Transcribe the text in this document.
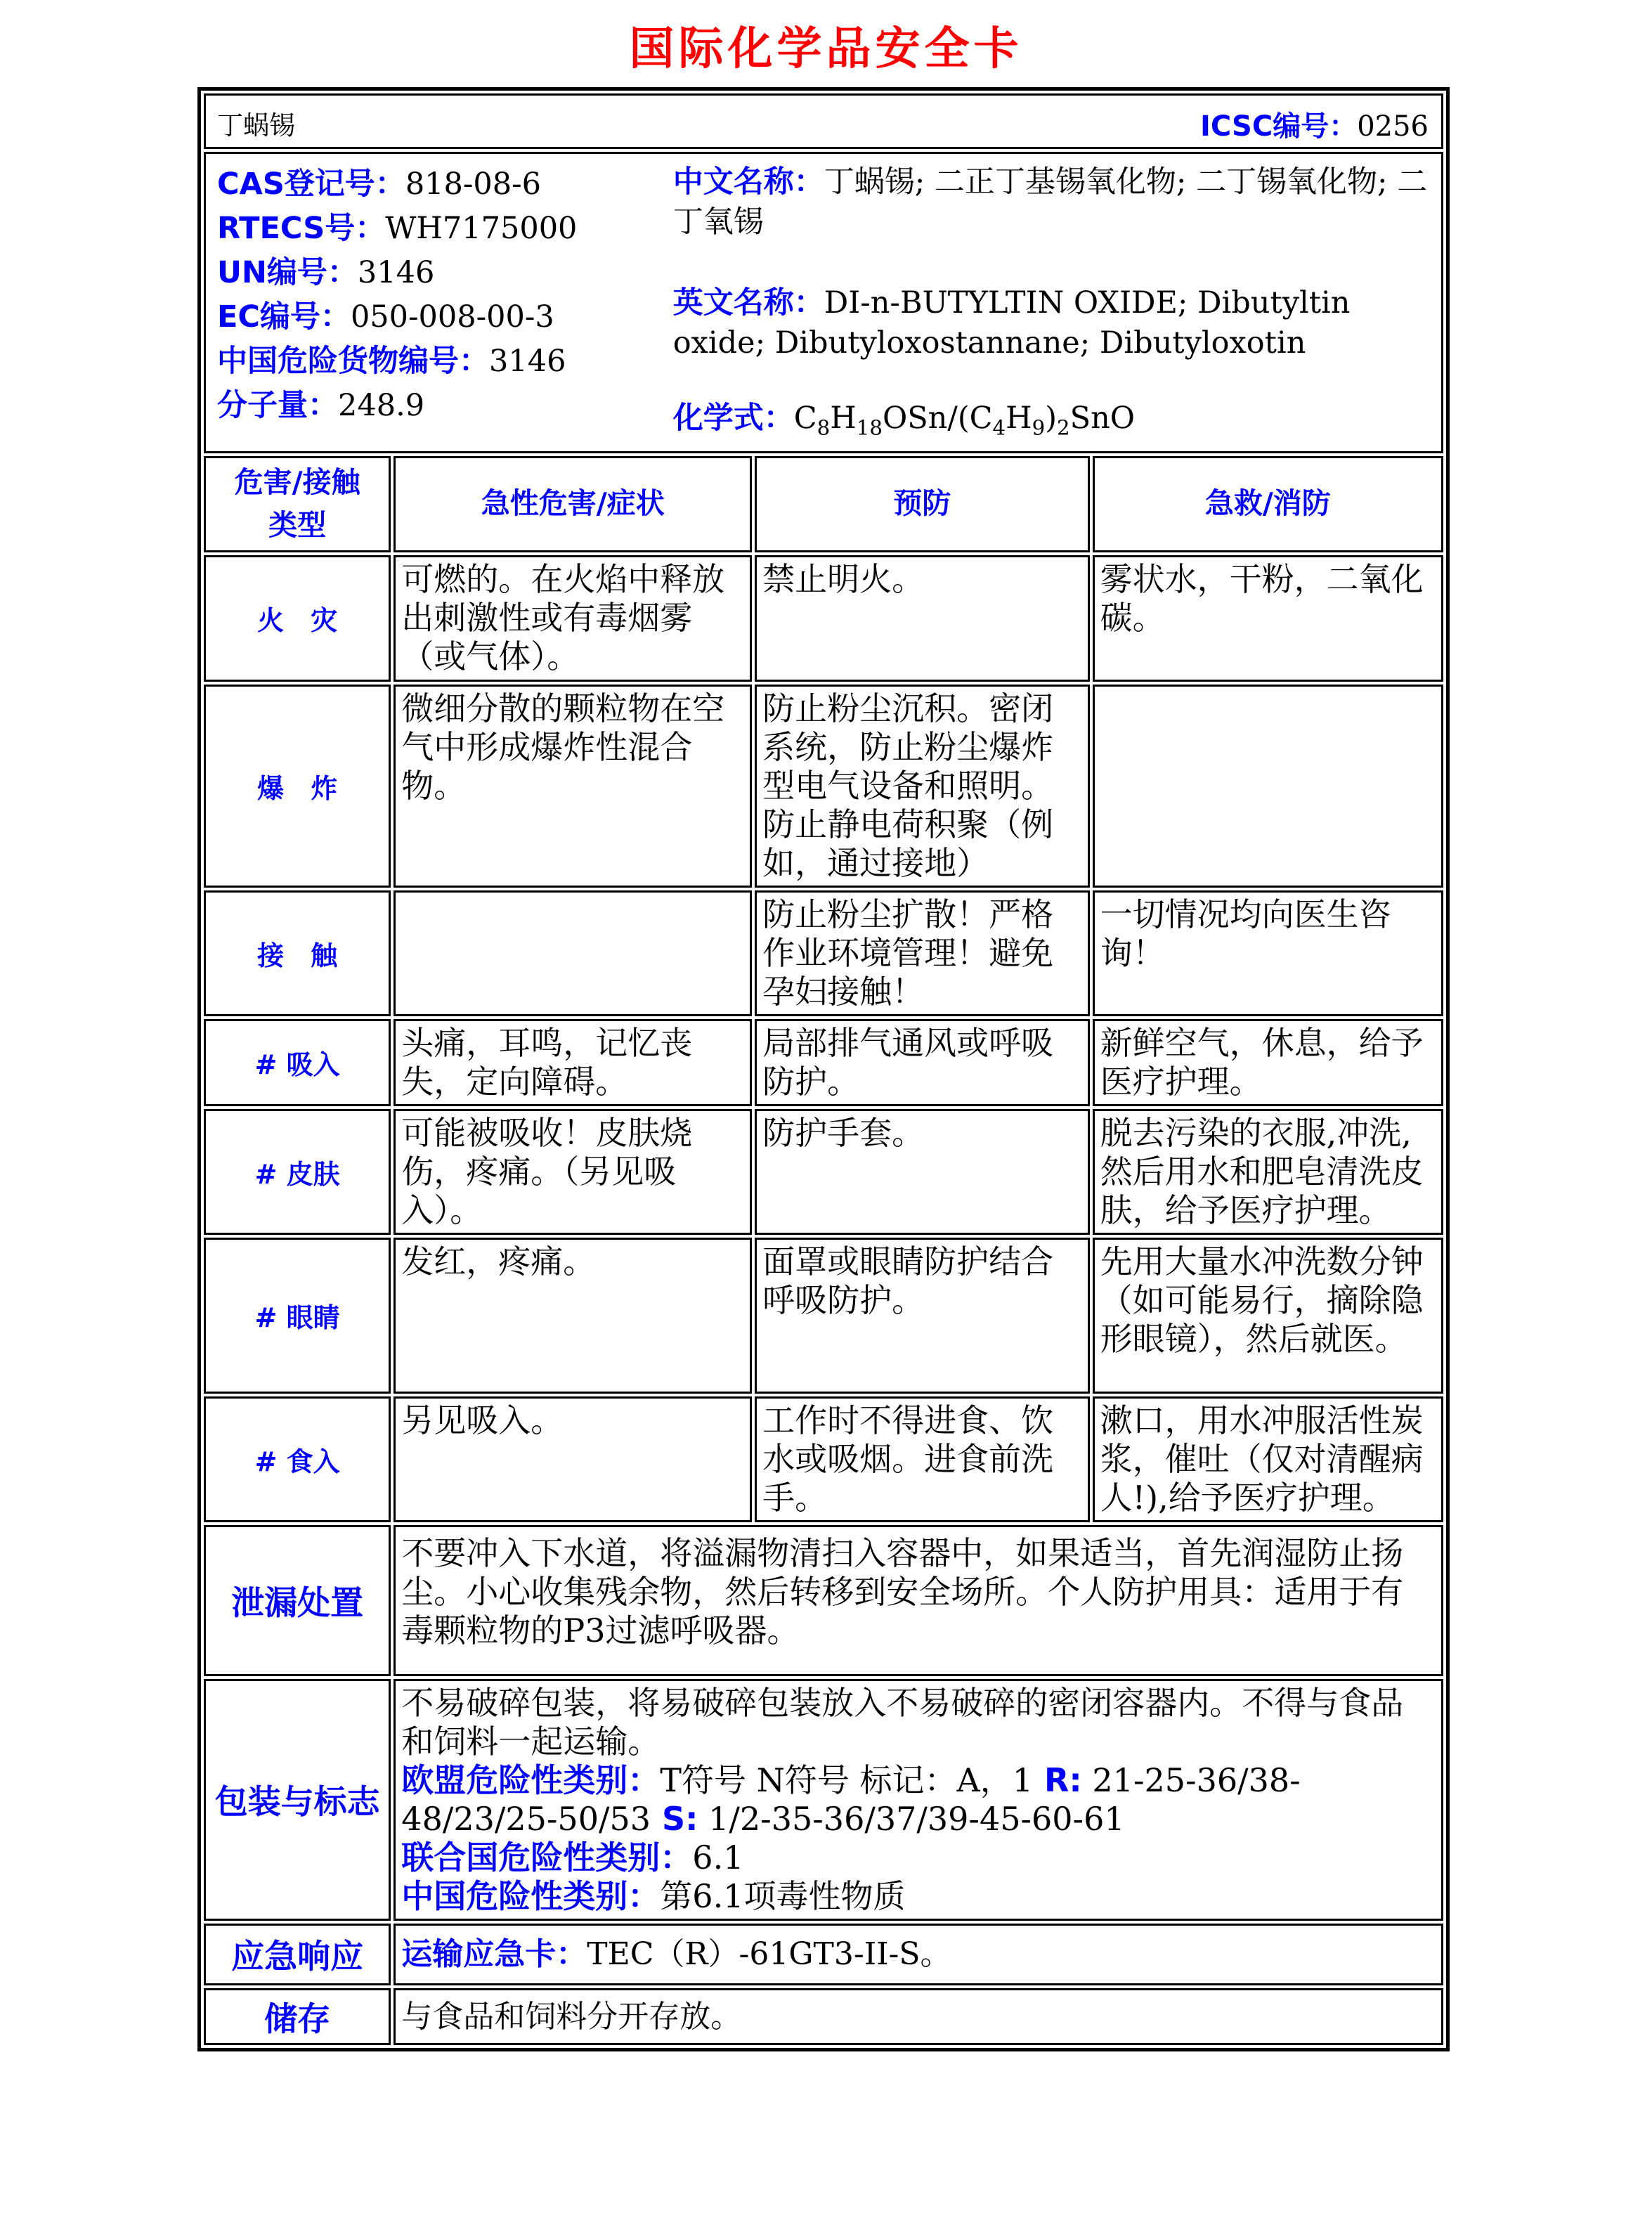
国际化学品安全卡
丁蜗锡 ICSC编号：0256			

CAS登记号：818-08-6
RTECS号：WH7175000
UN编号：3146
EC编号：050-008-00-3
中国危险货物编号：3146
分子量：248.9
中文名称：丁蜗锡; 二正丁基锡氧化物; 二丁锡氧化物; 二丁氧锡
英文名称：DI-n-BUTYLTIN OXIDE; Dibutyltin oxide; Dibutyloxostannane; Dibutyloxotin
化学式：$C_8H_{18}OSn/(C_4H_9)_2SnO$

危害/接触
类型	急性危害/症状	预防	急救/消防
火　灾	可燃的。在火焰中释放出刺激性或有毒烟雾（或气体）。	禁止明火。	雾状水，干粉，二氧化碳。
爆　炸	微细分散的颗粒物在空气中形成爆炸性混合物。	防止粉尘沉积。密闭系统，防止粉尘爆炸型电气设备和照明。防止静电荷积聚（例如，通过接地）	
接　触		防止粉尘扩散！严格作业环境管理！避免孕妇接触！	一切情况均向医生咨询！
# 吸入	头痛，耳鸣，记忆丧失，定向障碍。	局部排气通风或呼吸防护。	新鲜空气，休息，给予医疗护理。
# 皮肤	可能被吸收！皮肤烧伤，疼痛。（另见吸入）。	防护手套。	脱去污染的衣服,冲洗,然后用水和肥皂清洗皮肤，给予医疗护理。
# 眼睛	发红，疼痛。	面罩或眼睛防护结合呼吸防护。	先用大量水冲洗数分钟（如可能易行，摘除隐形眼镜），然后就医。
# 食入	另见吸入。	工作时不得进食、饮水或吸烟。进食前洗手。	漱口，用水冲服活性炭浆，催吐（仅对清醒病人!),给予医疗护理。
泄漏处置	不要冲入下水道，将溢漏物清扫入容器中，如果适当，首先润湿防止扬尘。小心收集残余物，然后转移到安全场所。个人防护用具：适用于有毒颗粒物的P3过滤呼吸器。		
包装与标志	不易破碎包装，将易破碎包装放入不易破碎的密闭容器内。不得与食品和饲料一起运输。
欧盟危险性类别：T符号 N符号 标记：A，1 R: 21-25-36/38-48/23/25-50/53 S: 1/2-35-36/37/39-45-60-61
联合国危险性类别：6.1
中国危险性类别：第6.1项毒性物质		

应急响应	运输应急卡：TEC（R）-61GT3-II-S。		
储存	与食品和饲料分开存放。		
